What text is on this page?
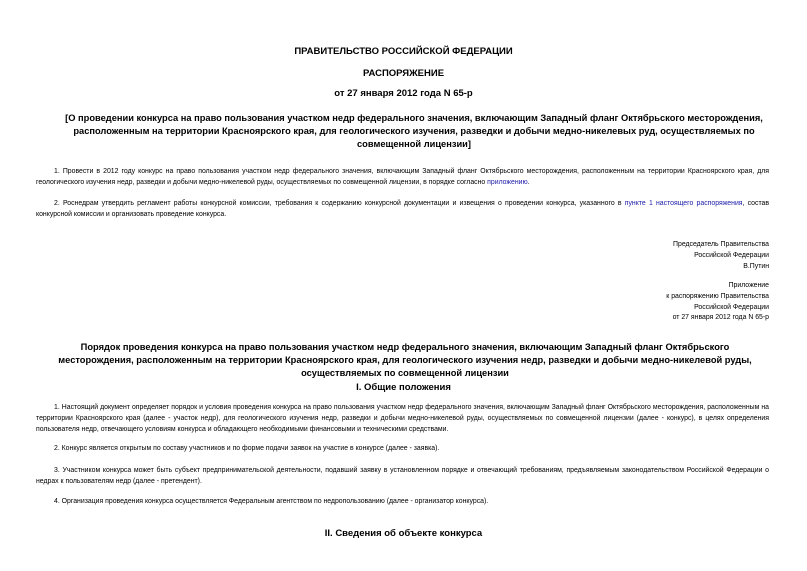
ПРАВИТЕЛЬСТВО РОССИЙСКОЙ ФЕДЕРАЦИИ
РАСПОРЯЖЕНИЕ
от 27 января 2012 года N 65-р
[О проведении конкурса на право пользования участком недр федерального значения, включающим Западный фланг Октябрьского месторождения, расположенным на территории Красноярского края, для геологического изучения, разведки и добычи медно-никелевых руд, осуществляемых по совмещенной лицензии]
1. Провести в 2012 году конкурс на право пользования участком недр федерального значения, включающим Западный фланг Октябрьского месторождения, расположенным на территории Красноярского края, для геологического изучения недр, разведки и добычи медно-никелевой руды, осуществляемых по совмещенной лицензии, в порядке согласно приложению.
2. Роснедрам утвердить регламент работы конкурсной комиссии, требования к содержанию конкурсной документации и извещения о проведении конкурса, указанного в пункте 1 настоящего распоряжения, состав конкурсной комиссии и организовать проведение конкурса.
Председатель Правительства
Российской Федерации
В.Путин
Приложение
к распоряжению Правительства
Российской Федерации
от 27 января 2012 года N 65-р
Порядок проведения конкурса на право пользования участком недр федерального значения, включающим Западный фланг Октябрьского месторождения, расположенным на территории Красноярского края, для геологического изучения недр, разведки и добычи медно-никелевой руды, осуществляемых по совмещенной лицензии
I. Общие положения
1. Настоящий документ определяет порядок и условия проведения конкурса на право пользования участком недр федерального значения, включающим Западный фланг Октябрьского месторождения, расположенным на территории Красноярского края (далее - участок недр), для геологического изучения недр, разведки и добычи медно-никелевой руды, осуществляемых по совмещенной лицензии (далее - конкурс), в целях определения пользователя недр, отвечающего условиям конкурса и обладающего необходимыми финансовыми и техническими средствами.
2. Конкурс является открытым по составу участников и по форме подачи заявок на участие в конкурсе (далее - заявка).
3. Участником конкурса может быть субъект предпринимательской деятельности, подавший заявку в установленном порядке и отвечающий требованиям, предъявляемым законодательством Российской Федерации о недрах к пользователям недр (далее - претендент).
4. Организация проведения конкурса осуществляется Федеральным агентством по недропользованию (далее - организатор конкурса).
II. Сведения об объекте конкурса
